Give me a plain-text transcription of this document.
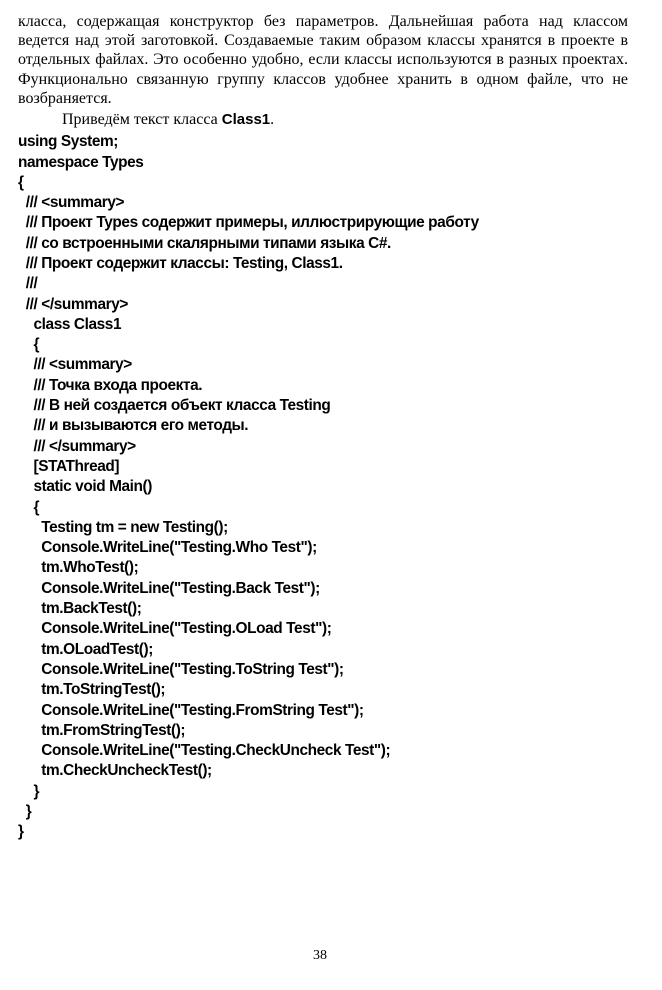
класса, содержащая конструктор без параметров. Дальнейшая работа над классом ведется над этой заготовкой. Создаваемые таким образом классы хранятся в проекте в отдельных файлах. Это особенно удобно, если классы используются в разных проектах. Функционально связанную группу классов удобнее хранить в одном файле, что не возбраняется.

Приведём текст класса Class1.

using System;
namespace Types
{
/// <summary>
/// Проект Types содержит примеры, иллюстрирующие работу
/// со встроенными скалярными типами языка C#.
/// Проект содержит классы: Testing, Class1.
///
/// </summary>
class Class1
{
/// <summary>
/// Точка входа проекта.
/// В ней создается объект класса Testing
/// и вызываются его методы.
/// </summary>
[STAThread]
static void Main()
{
Testing tm = new Testing();
Console.WriteLine("Testing.Who Test");
tm.WhoTest();
Console.WriteLine("Testing.Back Test");
tm.BackTest();
Console.WriteLine("Testing.OLoad Test");
tm.OLoadTest();
Console.WriteLine("Testing.ToString Test");
tm.ToStringTest();
Console.WriteLine("Testing.FromString Test");
tm.FromStringTest();
Console.WriteLine("Testing.CheckUncheck Test");
tm.CheckUncheckTest();
}
}
}
38
